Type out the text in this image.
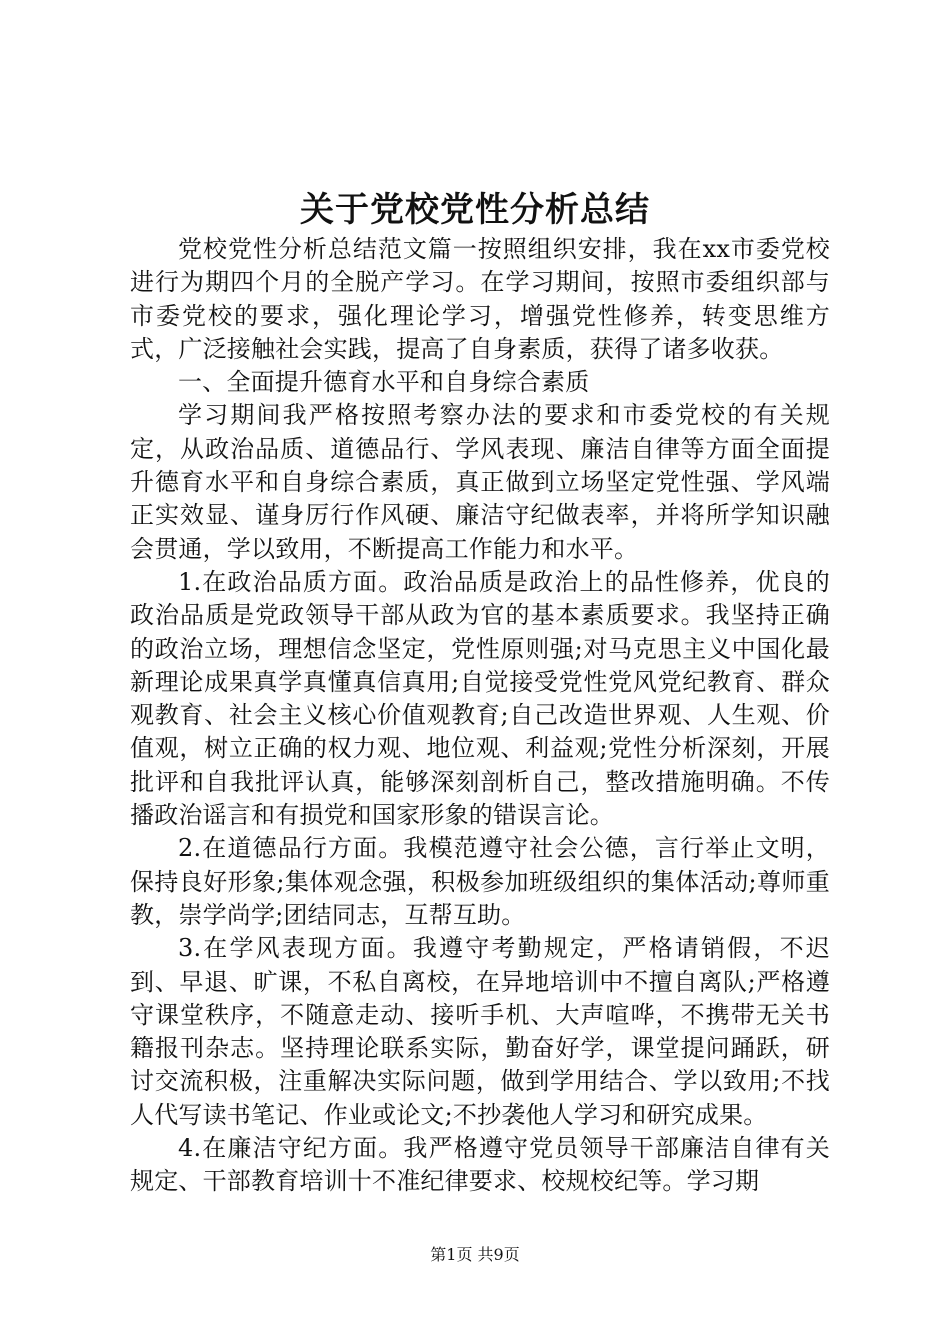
关于党校党性分析总结

党校党性分析总结范文篇一按照组织安排，我在xx市委党校进行为期四个月的全脱产学习。在学习期间，按照市委组织部与市委党校的要求，强化理论学习，增强党性修养，转变思维方式，广泛接触社会实践，提高了自身素质，获得了诸多收获。

一、全面提升德育水平和自身综合素质

学习期间我严格按照考察办法的要求和市委党校的有关规定，从政治品质、道德品行、学风表现、廉洁自律等方面全面提升德育水平和自身综合素质，真正做到立场坚定党性强、学风端正实效显、谨身厉行作风硬、廉洁守纪做表率，并将所学知识融会贯通，学以致用，不断提高工作能力和水平。

1.在政治品质方面。政治品质是政治上的品性修养，优良的政治品质是党政领导干部从政为官的基本素质要求。我坚持正确的政治立场，理想信念坚定，党性原则强;对马克思主义中国化最新理论成果真学真懂真信真用;自觉接受党性党风党纪教育、群众观教育、社会主义核心价值观教育;自己改造世界观、人生观、价值观，树立正确的权力观、地位观、利益观;党性分析深刻，开展批评和自我批评认真，能够深刻剖析自己，整改措施明确。不传播政治谣言和有损党和国家形象的错误言论。

2.在道德品行方面。我模范遵守社会公德，言行举止文明，保持良好形象;集体观念强，积极参加班级组织的集体活动;尊师重教，崇学尚学;团结同志，互帮互助。

3.在学风表现方面。我遵守考勤规定，严格请销假，不迟到、早退、旷课，不私自离校，在异地培训中不擅自离队;严格遵守课堂秩序，不随意走动、接听手机、大声喧哗，不携带无关书籍报刊杂志。坚持理论联系实际，勤奋好学，课堂提问踊跃，研讨交流积极，注重解决实际问题，做到学用结合、学以致用;不找人代写读书笔记、作业或论文;不抄袭他人学习和研究成果。

4.在廉洁守纪方面。我严格遵守党员领导干部廉洁自律有关规定、干部教育培训十不准纪律要求、校规校纪等。学习期

第1页 共9页
